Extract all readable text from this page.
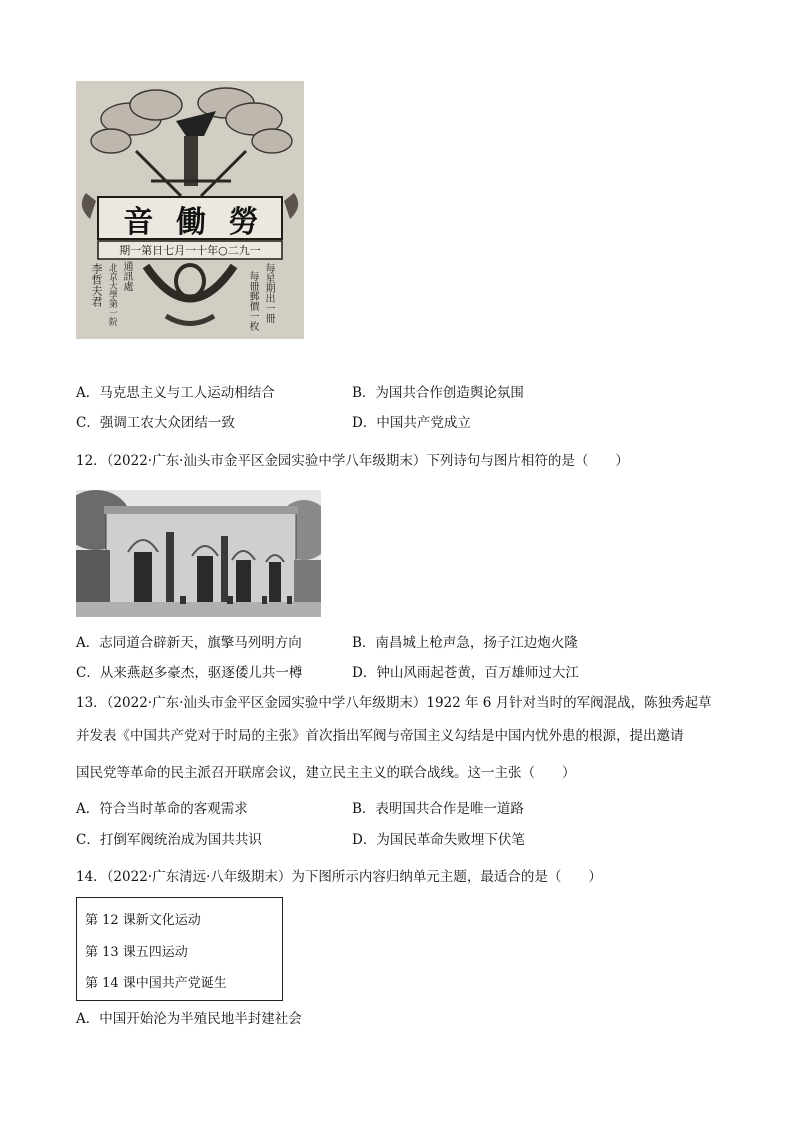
勞
働
音
一九二○年十一月七日第一期
每星期出一冊
每冊郵價一枚
通訊處
北京大學第一院
李哲夫君
A．马克思主义与工人运动相结合	B．为国共合作创造舆论氛围
C．强调工农大众团结一致	D．中国共产党成立
12．（2022·广东·汕头市金平区金园实验中学八年级期末）下列诗句与图片相符的是（　　）
A．志同道合辟新天，旗擎马列明方向	B．南昌城上枪声急，扬子江边炮火隆
C．从来燕赵多豪杰，驱逐倭儿共一樽	D．钟山风雨起苍黄，百万雄师过大江
13．（2022·广东·汕头市金平区金园实验中学八年级期末）1922 年 6 月针对当时的军阀混战，陈独秀起草
并发表《中国共产党对于时局的主张》首次指出军阀与帝国主义勾结是中国内忧外患的根源，提出邀请
国民党等革命的民主派召开联席会议，建立民主主义的联合战线。这一主张（　　）
A．符合当时革命的客观需求	B．表明国共合作是唯一道路
C．打倒军阀统治成为国共共识	D．为国民革命失败埋下伏笔
14．（2022·广东清远·八年级期末）为下图所示内容归纳单元主题，最适合的是（　　）
第 12 课新文化运动
第 13 课五四运动
第 14 课中国共产党诞生
A．中国开始沦为半殖民地半封建社会
